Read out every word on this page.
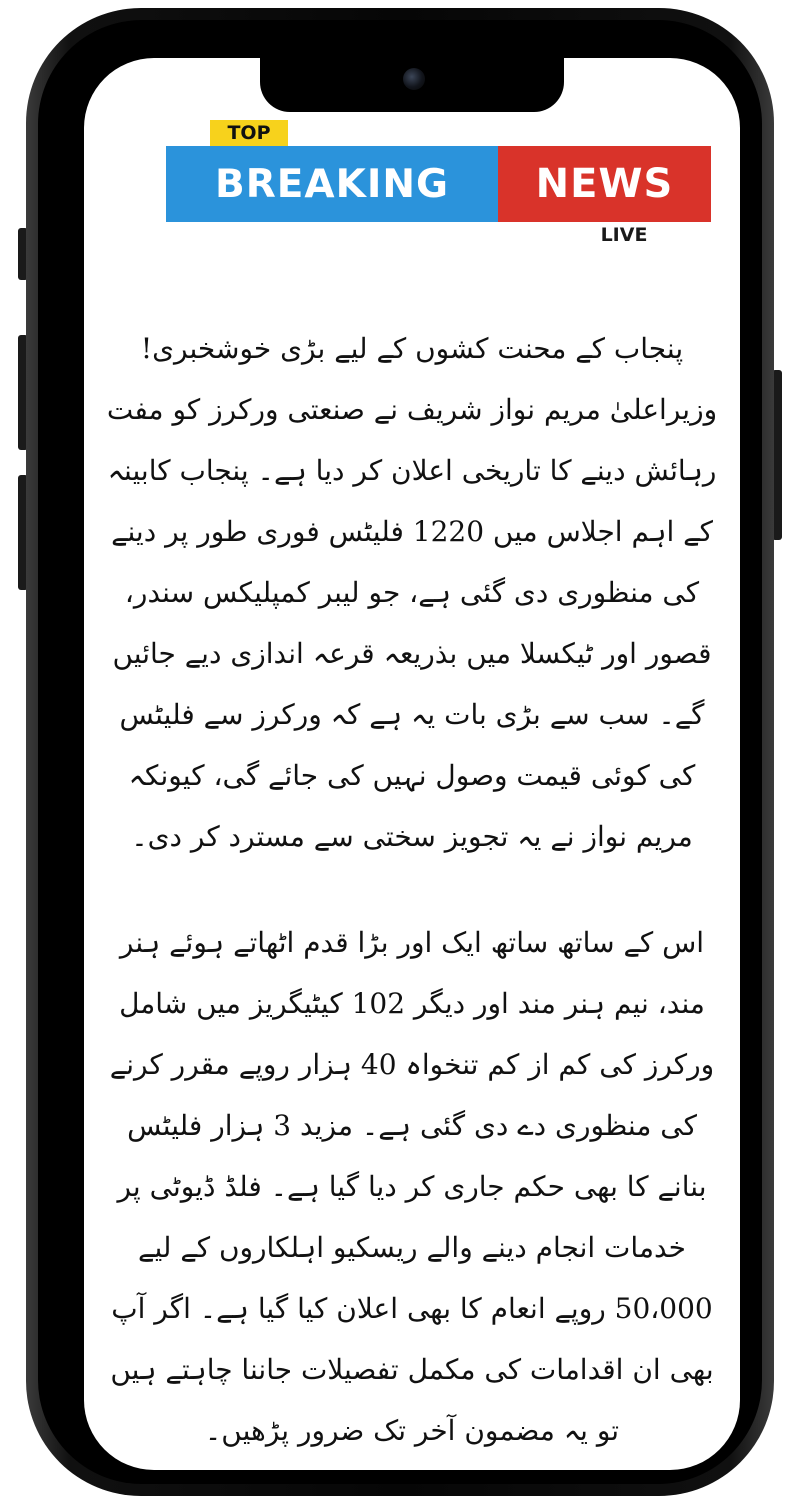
TOP
BREAKING	NEWS
LIVE

پنجاب کے محنت کشوں کے لیے بڑی خوشخبری! وزیراعلیٰ مریم نواز شریف نے صنعتی ورکرز کو مفت رہائش دینے کا تاریخی اعلان کر دیا ہے۔ پنجاب کابینہ کے اہم اجلاس میں 1220 فلیٹس فوری طور پر دینے کی منظوری دی گئی ہے، جو لیبر کمپلیکس سندر، قصور اور ٹیکسلا میں بذریعہ قرعہ اندازی دیے جائیں گے۔ سب سے بڑی بات یہ ہے کہ ورکرز سے فلیٹس کی کوئی قیمت وصول نہیں کی جائے گی، کیونکہ مریم نواز نے یہ تجویز سختی سے مسترد کر دی۔

اس کے ساتھ ساتھ ایک اور بڑا قدم اٹھاتے ہوئے ہنر مند، نیم ہنر مند اور دیگر 102 کیٹیگریز میں شامل ورکرز کی کم از کم تنخواہ 40 ہزار روپے مقرر کرنے کی منظوری دے دی گئی ہے۔ مزید 3 ہزار فلیٹس بنانے کا بھی حکم جاری کر دیا گیا ہے۔ فلڈ ڈیوٹی پر خدمات انجام دینے والے ریسکیو اہلکاروں کے لیے 50،000 روپے انعام کا بھی اعلان کیا گیا ہے۔ اگر آپ بھی ان اقدامات کی مکمل تفصیلات جاننا چاہتے ہیں تو یہ مضمون آخر تک ضرور پڑھیں۔
